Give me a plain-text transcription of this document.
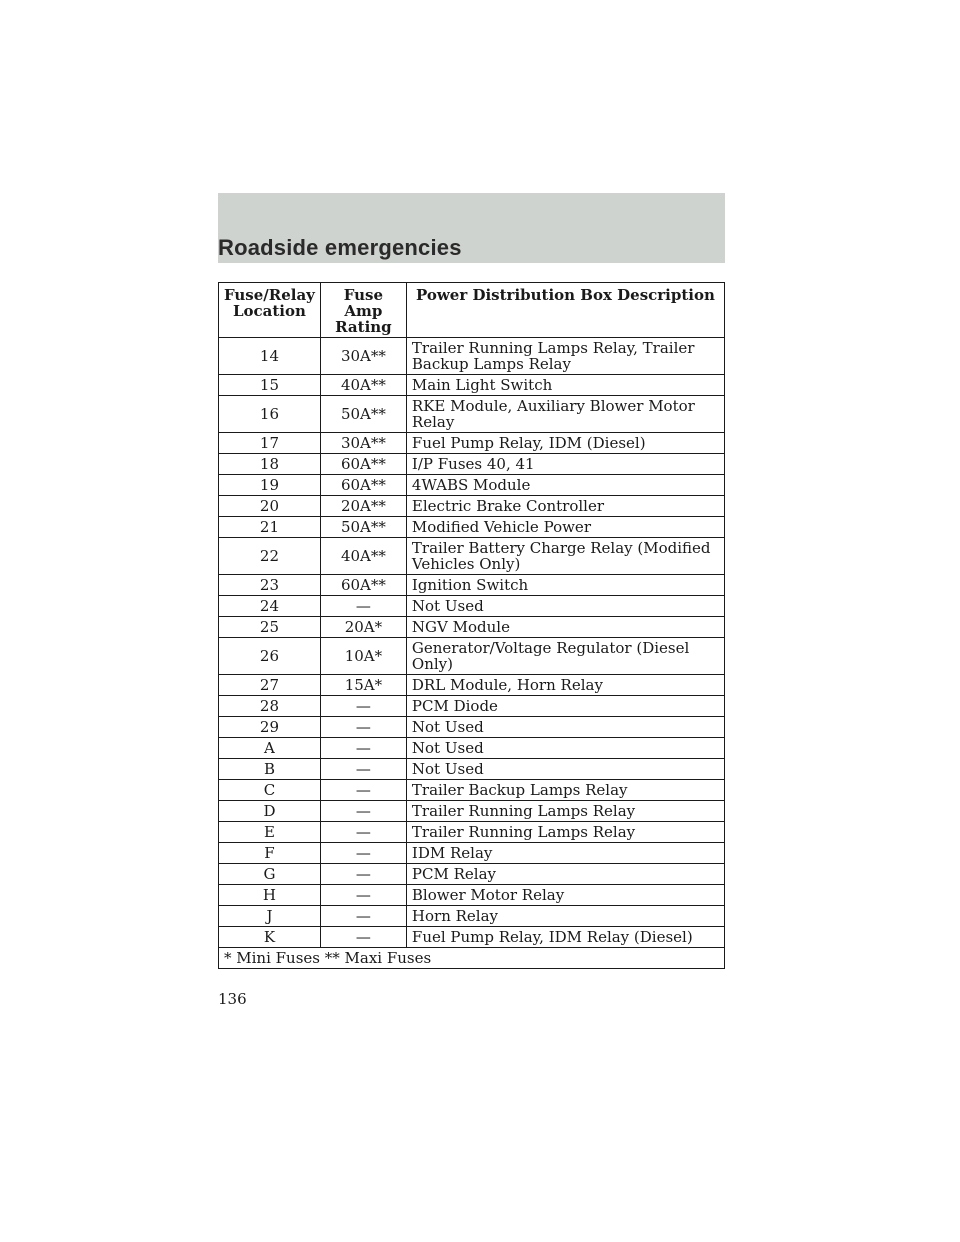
Roadside emergencies
Fuse/Relay Location	Fuse Amp Rating	Power Distribution Box Description
14	30A**	Trailer Running Lamps Relay, Trailer Backup Lamps Relay
15	40A**	Main Light Switch
16	50A**	RKE Module, Auxiliary Blower Motor Relay
17	30A**	Fuel Pump Relay, IDM (Diesel)
18	60A**	I/P Fuses 40, 41
19	60A**	4WABS Module
20	20A**	Electric Brake Controller
21	50A**	Modified Vehicle Power
22	40A**	Trailer Battery Charge Relay (Modified Vehicles Only)
23	60A**	Ignition Switch
24	—	Not Used
25	20A*	NGV Module
26	10A*	Generator/Voltage Regulator (Diesel Only)
27	15A*	DRL Module, Horn Relay
28	—	PCM Diode
29	—	Not Used
A	—	Not Used
B	—	Not Used
C	—	Trailer Backup Lamps Relay
D	—	Trailer Running Lamps Relay
E	—	Trailer Running Lamps Relay
F	—	IDM Relay
G	—	PCM Relay
H	—	Blower Motor Relay
J	—	Horn Relay
K	—	Fuel Pump Relay, IDM Relay (Diesel)
* Mini Fuses ** Maxi Fuses		
136
